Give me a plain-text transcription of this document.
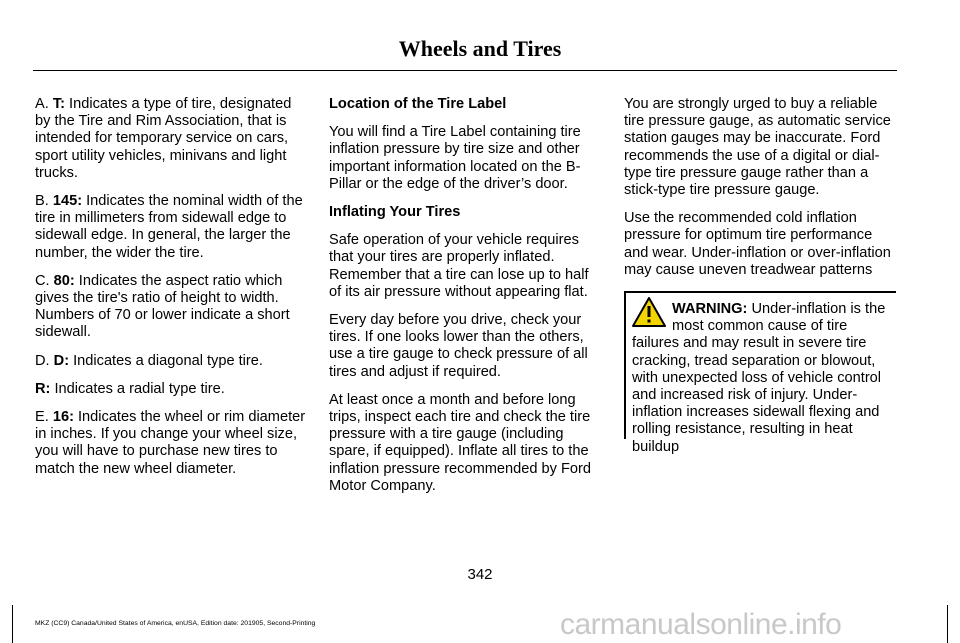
Wheels and Tires

A. T: Indicates a type of tire, designated by the Tire and Rim Association, that is intended for temporary service on cars, sport utility vehicles, minivans and light trucks.

B. 145: Indicates the nominal width of the tire in millimeters from sidewall edge to sidewall edge. In general, the larger the number, the wider the tire.

C. 80: Indicates the aspect ratio which gives the tire's ratio of height to width. Numbers of 70 or lower indicate a short sidewall.

D. D: Indicates a diagonal type tire.

R: Indicates a radial type tire.

E. 16: Indicates the wheel or rim diameter in inches. If you change your wheel size, you will have to purchase new tires to match the new wheel diameter.

Location of the Tire Label

You will find a Tire Label containing tire inflation pressure by tire size and other important information located on the B-Pillar or the edge of the driver’s door.

Inflating Your Tires

Safe operation of your vehicle requires that your tires are properly inflated. Remember that a tire can lose up to half of its air pressure without appearing flat.

Every day before you drive, check your tires. If one looks lower than the others, use a tire gauge to check pressure of all tires and adjust if required.

At least once a month and before long trips, inspect each tire and check the tire pressure with a tire gauge (including spare, if equipped). Inflate all tires to the inflation pressure recommended by Ford Motor Company.

You are strongly urged to buy a reliable tire pressure gauge, as automatic service station gauges may be inaccurate. Ford recommends the use of a digital or dial-type tire pressure gauge rather than a stick-type tire pressure gauge.

Use the recommended cold inflation pressure for optimum tire performance and wear. Under-inflation or over-inflation may cause uneven treadwear patterns

WARNING: Under-inflation is the most common cause of tire failures and may result in severe tire cracking, tread separation or blowout, with unexpected loss of vehicle control and increased risk of injury. Under-inflation increases sidewall flexing and rolling resistance, resulting in heat buildup
342
MKZ (CC9) Canada/United States of America, enUSA, Edition date: 201905, Second-Printing	carmanualsonline.info
